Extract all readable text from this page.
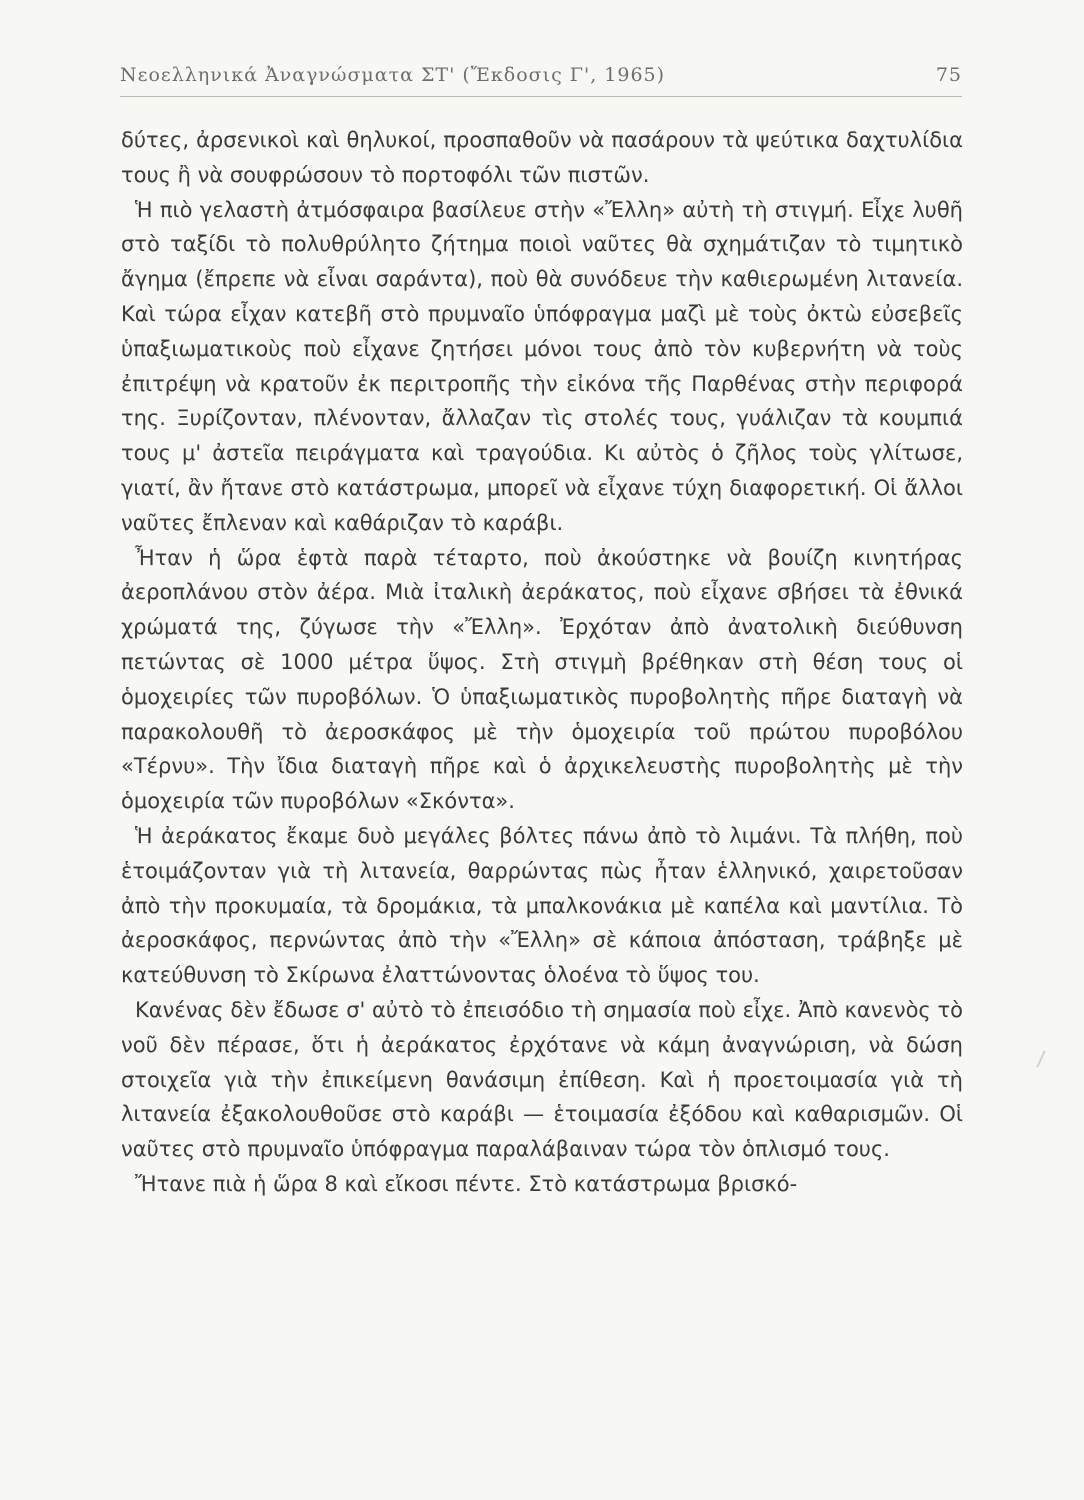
Νεοελληνικά Ἀναγνώσματα ΣΤ' (Ἔκδοσις Γ', 1965)	75

δύτες, ἀρσενικοὶ καὶ θηλυκοί, προσπαθοῦν νὰ πασάρουν τὰ ψεύτικα δαχτυλίδια τους ἢ νὰ σουφρώσουν τὸ πορτοφόλι τῶν πιστῶν.

Ἡ πιὸ γελαστὴ ἀτμόσφαιρα βασίλευε στὴν «Ἔλλη» αὐτὴ τὴ στιγμή. Εἶχε λυθῆ στὸ ταξίδι τὸ πολυθρύλητο ζήτημα ποιοὶ ναῦτες θὰ σχημάτιζαν τὸ τιμητικὸ ἄγημα (ἔπρεπε νὰ εἶναι σαράντα), ποὺ θὰ συνόδευε τὴν καθιερωμένη λιτανεία. Καὶ τώρα εἶχαν κατεβῆ στὸ πρυμναῖο ὑπόφραγμα μαζὶ μὲ τοὺς ὀκτὼ εὐσεβεῖς ὑπαξιωματικοὺς ποὺ εἶχανε ζητήσει μόνοι τους ἀπὸ τὸν κυβερνήτη νὰ τοὺς ἐπιτρέψη νὰ κρατοῦν ἐκ περιτροπῆς τὴν εἰκόνα τῆς Παρθένας στὴν περιφορά της. Ξυρίζονταν, πλένονταν, ἄλλαζαν τὶς στολές τους, γυάλιζαν τὰ κουμπιά τους μ' ἀστεῖα πειράγματα καὶ τραγούδια. Κι αὐτὸς ὁ ζῆλος τοὺς γλίτωσε, γιατί, ἂν ἤτανε στὸ κατάστρωμα, μπορεῖ νὰ εἶχανε τύχη διαφορετική. Οἱ ἄλλοι ναῦτες ἔπλεναν καὶ καθάριζαν τὸ καράβι.

Ἦταν ἡ ὥρα ἑφτὰ παρὰ τέταρτο, ποὺ ἀκούστηκε νὰ βουίζη κινητήρας ἀεροπλάνου στὸν ἀέρα. Μιὰ ἰταλικὴ ἀεράκατος, ποὺ εἶχανε σβήσει τὰ ἐθνικά χρώματά της, ζύγωσε τὴν «Ἔλλη». Ἐρχόταν ἀπὸ ἀνατολικὴ διεύθυνση πετώντας σὲ 1000 μέτρα ὕψος. Στὴ στιγμὴ βρέθηκαν στὴ θέση τους οἱ ὁμοχειρίες τῶν πυροβόλων. Ὁ ὑπαξιωματικὸς πυροβολητὴς πῆρε διαταγὴ νὰ παρακολουθῆ τὸ ἀεροσκάφος μὲ τὴν ὁμοχειρία τοῦ πρώτου πυροβόλου «Τέρνυ». Τὴν ἴδια διαταγὴ πῆρε καὶ ὁ ἀρχικελευστὴς πυροβολητὴς μὲ τὴν ὁμοχειρία τῶν πυροβόλων «Σκόντα».

Ἡ ἀεράκατος ἔκαμε δυὸ μεγάλες βόλτες πάνω ἀπὸ τὸ λιμάνι. Τὰ πλήθη, ποὺ ἑτοιμάζονταν γιὰ τὴ λιτανεία, θαρρώντας πὼς ἦταν ἑλληνικό, χαιρετοῦσαν ἀπὸ τὴν προκυμαία, τὰ δρομάκια, τὰ μπαλκονάκια μὲ καπέλα καὶ μαντίλια. Τὸ ἀεροσκάφος, περνώντας ἀπὸ τὴν «Ἔλλη» σὲ κάποια ἀπόσταση, τράβηξε μὲ κατεύθυνση τὸ Σκίρωνα ἐλαττώνοντας ὁλοένα τὸ ὕψος του.

Κανένας δὲν ἔδωσε σ' αὐτὸ τὸ ἐπεισόδιο τὴ σημασία ποὺ εἶχε. Ἀπὸ κανενὸς τὸ νοῦ δὲν πέρασε, ὅτι ἡ ἀεράκατος ἐρχότανε νὰ κάμη ἀναγνώριση, νὰ δώση στοιχεῖα γιὰ τὴν ἐπικείμενη θανάσιμη ἐπίθεση. Καὶ ἡ προετοιμασία γιὰ τὴ λιτανεία ἐξακολουθοῦσε στὸ καράβι — ἑτοιμασία ἐξόδου καὶ καθαρισμῶν. Οἱ ναῦτες στὸ πρυμναῖο ὑπόφραγμα παραλάβαιναν τώρα τὸν ὁπλισμό τους.

Ἤτανε πιὰ ἡ ὥρα 8 καὶ εἴκοσι πέντε. Στὸ κατάστρωμα βρισκό-
